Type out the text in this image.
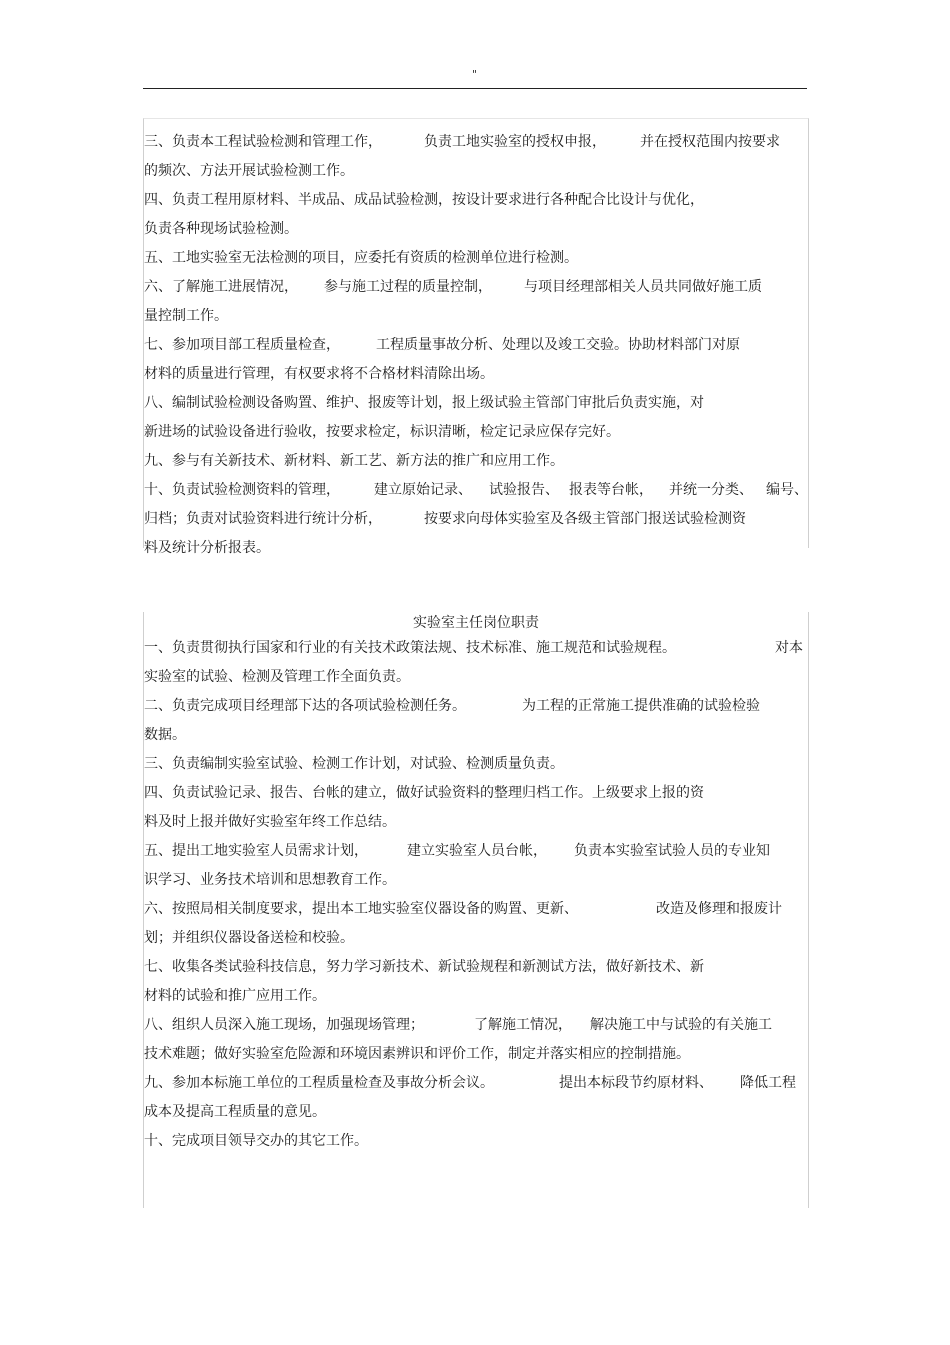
"
三、负责本工程试验检测和管理工作，	负责工地实验室的授权申报， 并在授权范围内按要求
的频次、方法开展试验检测工作。
四、负责工程用原材料、半成品、成品试验检测，按设计要求进行各种配合比设计与优化，
负责各种现场试验检测。
五、工地实验室无法检测的项目，应委托有资质的检测单位进行检测。
六、了解施工进展情况， 参与施工过程的质量控制， 与项目经理部相关人员共同做好施工质
量控制工作。
七、参加项目部工程质量检查，	工程质量事故分析、处理以及竣工交验。协助材料部门对原
材料的质量进行管理，有权要求将不合格材料清除出场。
八、编制试验检测设备购置、维护、报废等计划，报上级试验主管部门审批后负责实施，对
新进场的试验设备进行验收，按要求检定，标识清晰，检定记录应保存完好。
九、参与有关新技术、新材料、新工艺、新方法的推广和应用工作。
十、负责试验检测资料的管理， 建立原始记录、 试验报告、 报表等台帐， 并统一分类、 编号、
归档；负责对试验资料进行统计分析，	按要求向母体实验室及各级主管部门报送试验检测资
料及统计分析报表。
实验室主任岗位职责
一、负责贯彻执行国家和行业的有关技术政策法规、技术标准、施工规范和试验规程。	对本
实验室的试验、检测及管理工作全面负责。
二、负责完成项目经理部下达的各项试验检测任务。	为工程的正常施工提供准确的试验检验
数据。
三、负责编制实验室试验、检测工作计划，对试验、检测质量负责。
四、负责试验记录、报告、台帐的建立，做好试验资料的整理归档工作。上级要求上报的资
料及时上报并做好实验室年终工作总结。
五、提出工地实验室人员需求计划，	建立实验室人员台帐， 负责本实验室试验人员的专业知
识学习、业务技术培训和思想教育工作。
六、按照局相关制度要求，提出本工地实验室仪器设备的购置、更新、	改造及修理和报废计
划；并组织仪器设备送检和校验。
七、收集各类试验科技信息，努力学习新技术、新试验规程和新测试方法，做好新技术、新
材料的试验和推广应用工作。
八、组织人员深入施工现场，加强现场管理；	了解施工情况， 解决施工中与试验的有关施工
技术难题；做好实验室危险源和环境因素辨识和评价工作，制定并落实相应的控制措施。
九、参加本标施工单位的工程质量检查及事故分析会议。	提出本标段节约原材料、 降低工程
成本及提高工程质量的意见。
十、完成项目领导交办的其它工作。
